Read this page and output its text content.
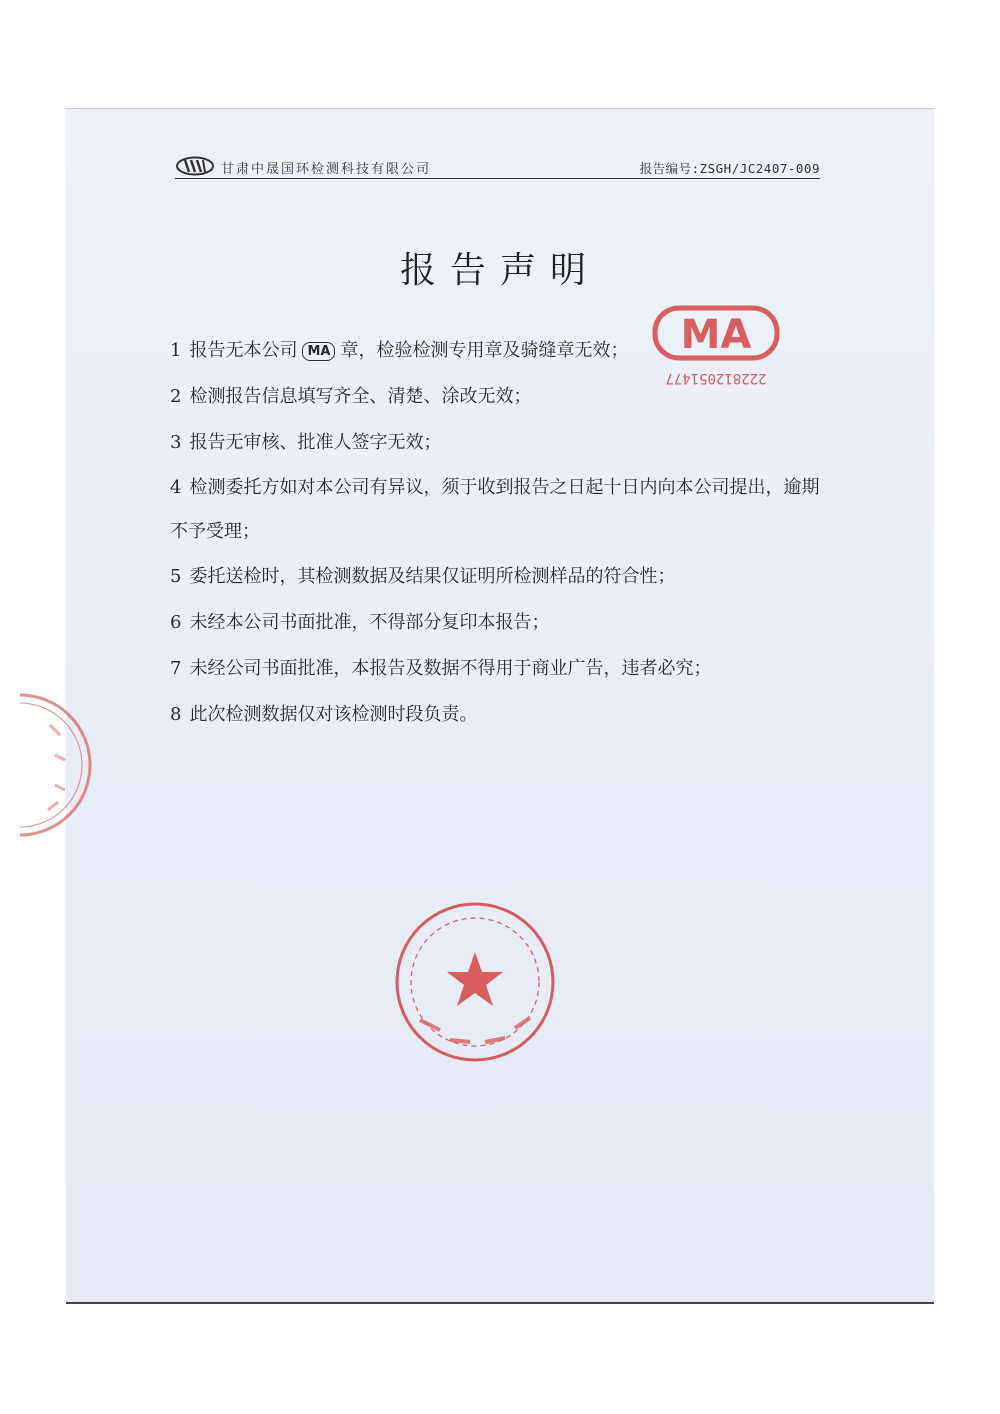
甘肃中晟国环检测科技有限公司	报告编号:ZSGH/JC2407-009
报告声明
1 报告无本公司 MA 章，检验检测专用章及骑缝章无效；
2 检测报告信息填写齐全、清楚、涂改无效；
3 报告无审核、批准人签字无效；
4 检测委托方如对本公司有异议，须于收到报告之日起十日内向本公司提出，逾期不予受理；
5 委托送检时，其检测数据及结果仅证明所检测样品的符合性；
6 未经本公司书面批准，不得部分复印本报告；
7 未经公司书面批准，本报告及数据不得用于商业广告，违者必究；
8 此次检测数据仅对该检测时段负责。
MA
222812051477
